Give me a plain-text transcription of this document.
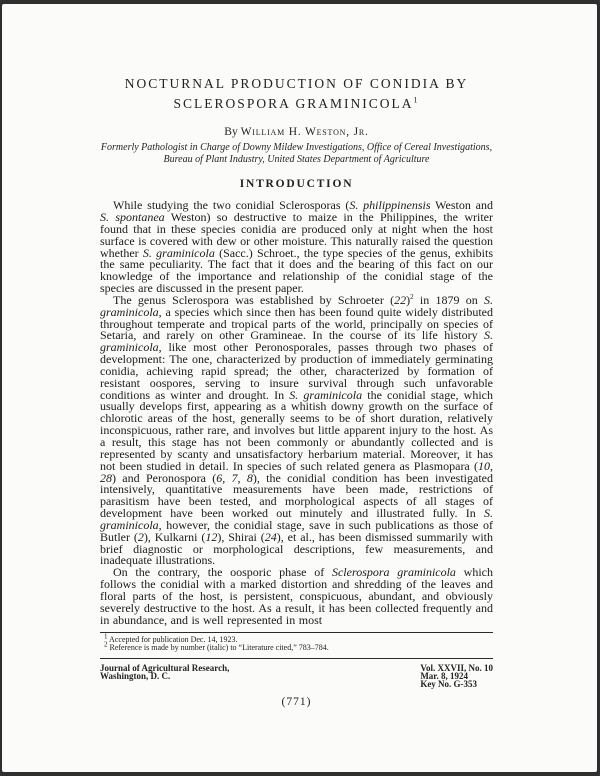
NOCTURNAL PRODUCTION OF CONIDIA BY
SCLEROSPORA GRAMINICOLA$^1$
By William H. Weston, Jr.
Formerly Pathologist in Charge of Downy Mildew Investigations, Office of Cereal Investigations, Bureau of Plant Industry, United States Department of Agriculture
INTRODUCTION

While studying the two conidial Sclerosporas (S. philippinensis Weston and S. spontanea Weston) so destructive to maize in the Philippines, the writer found that in these species conidia are produced only at night when the host surface is covered with dew or other moisture. This naturally raised the question whether S. graminicola (Sacc.) Schroet., the type species of the genus, exhibits the same peculiarity. The fact that it does and the bearing of this fact on our knowledge of the importance and relationship of the conidial stage of the species are discussed in the present paper.

The genus Sclerospora was established by Schroeter $(22)^2$ in 1879 on S. graminicola, a species which since then has been found quite widely distributed throughout temperate and tropical parts of the world, principally on species of Setaria, and rarely on other Gramineae. In the course of its life history S. graminicola, like most other Peronosporales, passes through two phases of development: The one, characterized by production of immediately germinating conidia, achieving rapid spread; the other, characterized by formation of resistant oospores, serving to insure survival through such unfavorable conditions as winter and drought. In S. graminicola the conidial stage, which usually develops first, appearing as a whitish downy growth on the surface of chlorotic areas of the host, generally seems to be of short duration, relatively inconspicuous, rather rare, and involves but little apparent injury to the host. As a result, this stage has not been commonly or abundantly collected and is represented by scanty and unsatisfactory herbarium material. Moreover, it has not been studied in detail. In species of such related genera as Plasmopara (10, 28) and Peronospora (6, 7, 8), the conidial condition has been investigated intensively, quantitative measurements have been made, restrictions of parasitism have been tested, and morphological aspects of all stages of development have been worked out minutely and illustrated fully. In S. graminicola, however, the conidial stage, save in such publications as those of Butler (2), Kulkarni (12), Shirai (24), et al., has been dismissed summarily with brief diagnostic or morphological descriptions, few measurements, and inadequate illustrations.

On the contrary, the oosporic phase of Sclerospora graminicola which follows the conidial with a marked distortion and shredding of the leaves and floral parts of the host, is persistent, conspicuous, abundant, and obviously severely destructive to the host. As a result, it has been collected frequently and in abundance, and is well represented in most

1 Accepted for publication Dec. 14, 1923.

2 Reference is made by number (italic) to “Literature cited,” 783–784.

Journal of Agricultural Research,
Washington, D. C.
Vol. XXVII, No. 10
Mar. 8, 1924
Key No. G-353
(771)
